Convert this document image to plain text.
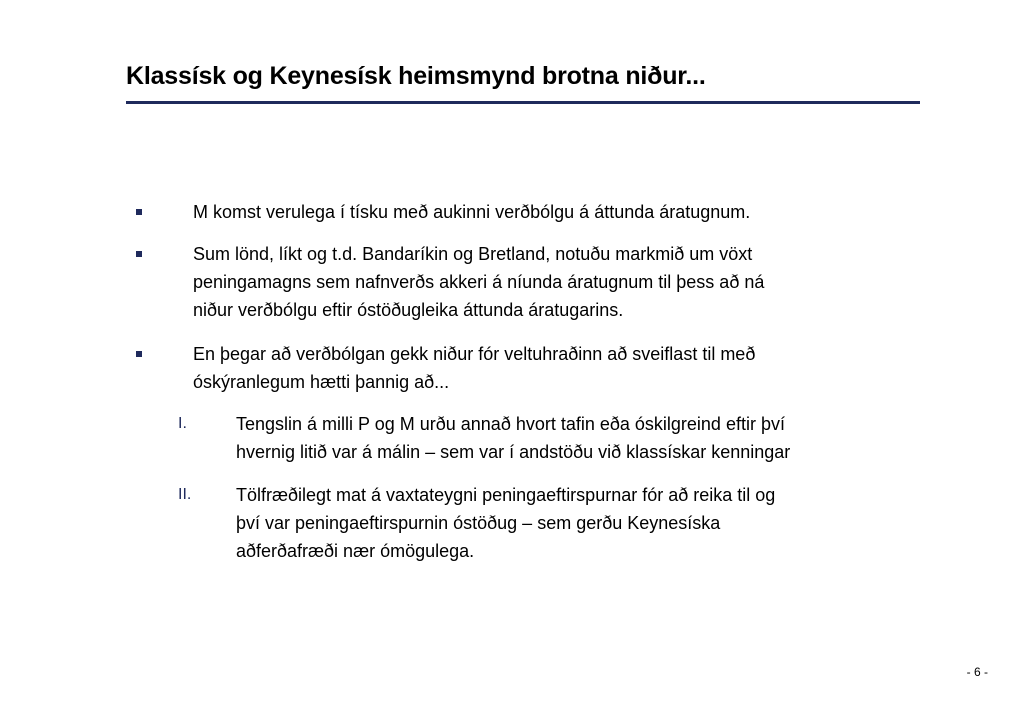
Klassísk og Keynesísk heimsmynd brotna niður...
M komst verulega í tísku með aukinni verðbólgu á áttunda áratugnum.
Sum lönd, líkt og t.d. Bandaríkin og Bretland, notuðu markmið um vöxt
peningamagns sem nafnverðs akkeri á níunda áratugnum til þess að ná
niður verðbólgu eftir óstöðugleika áttunda áratugarins.
En þegar að verðbólgan gekk niður fór veltuhraðinn að sveiflast til með
óskýranlegum hætti þannig að...
I.	Tengslin á milli P og M urðu annað hvort tafin eða óskilgreind eftir því
hvernig litið var á málin – sem var í andstöðu við klassískar kenningar
II. Tölfræðilegt mat á vaxtateygni peningaeftirspurnar fór að reika til og
því var peningaeftirspurnin óstöðug – sem gerðu Keynesíska
aðferðafræði nær ómögulega.
- 6 -
